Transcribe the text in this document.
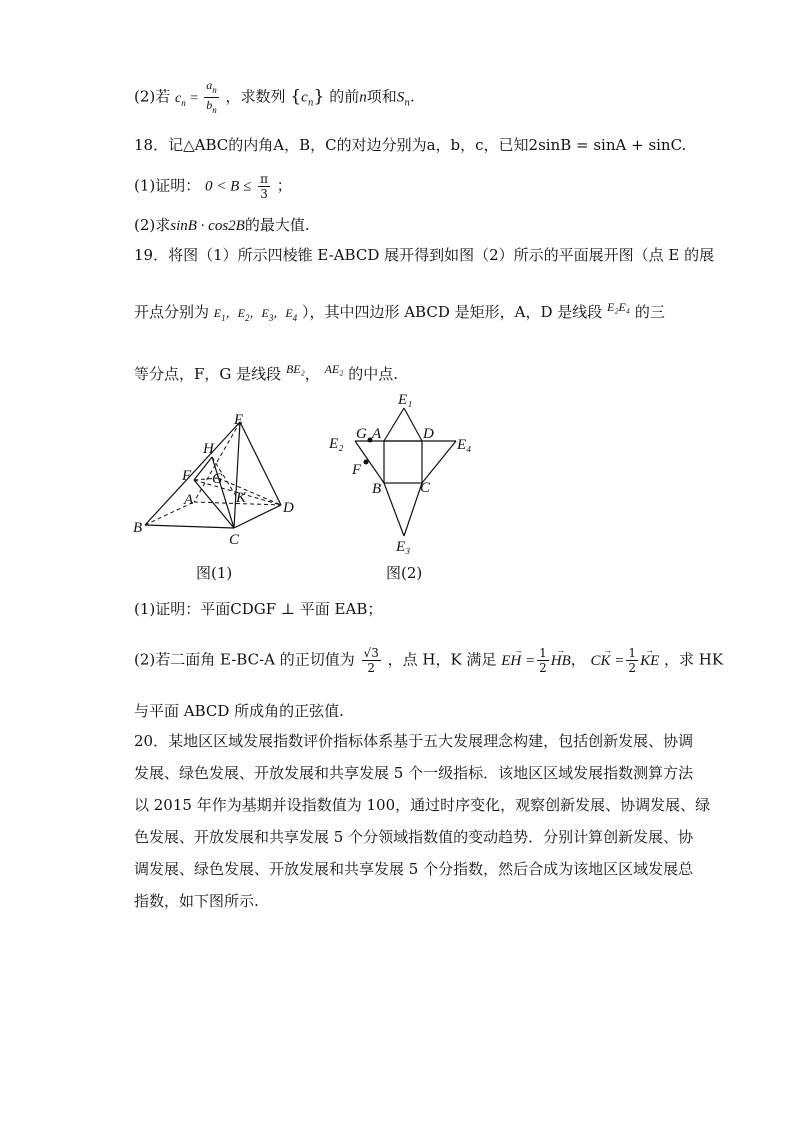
(2)若 $c_n = \frac{a_n}{b_n}$ ，求数列 $\{c_n\}$ 的前n项和$S_n$.
18．记△ABC的内角A，B，C的对边分别为a，b，c，已知2sinB = sinA + sinC.
(1)证明： $0 < B \le \frac{\pi}{3}$ ；
(2)求sinB · cos2B的最大值.
19．将图（1）所示四棱锥 E-ABCD 展开得到如图（2）所示的平面展开图（点 E 的展
开点分别为 $E_1$，$E_2$，$E_3$，$E_4$ ），其中四边形 ABCD 是矩形，A，D 是线段 $^{E_2E_4}$ 的三
等分点，F，G 是线段 $^{BE_2}$， $^{AE_2}$ 的中点.
E
H
F G
A	K
D
B
C
图(1)
E₁
E₂	E₄
G A	D
F
B	C
E₃
图(2)
(1)证明：平面CDGF ⊥ 平面 EAB；
(2)若二面角 E-BC-A 的正切值为 $\frac{√3}{2}$ ，点 H，K 满足 → EH = $\frac{1}{2}$ → HB， → CK = $\frac{1}{2}$ → KE ，求 HK
与平面 ABCD 所成角的正弦值.
20．某地区区域发展指数评价指标体系基于五大发展理念构建，包括创新发展、协调
发展、绿色发展、开放发展和共享发展 5 个一级指标．该地区区域发展指数测算方法
以 2015 年作为基期并设指数值为 100，通过时序变化，观察创新发展、协调发展、绿
色发展、开放发展和共享发展 5 个分领域指数值的变动趋势．分别计算创新发展、协
调发展、绿色发展、开放发展和共享发展 5 个分指数，然后合成为该地区区域发展总
指数，如下图所示.
